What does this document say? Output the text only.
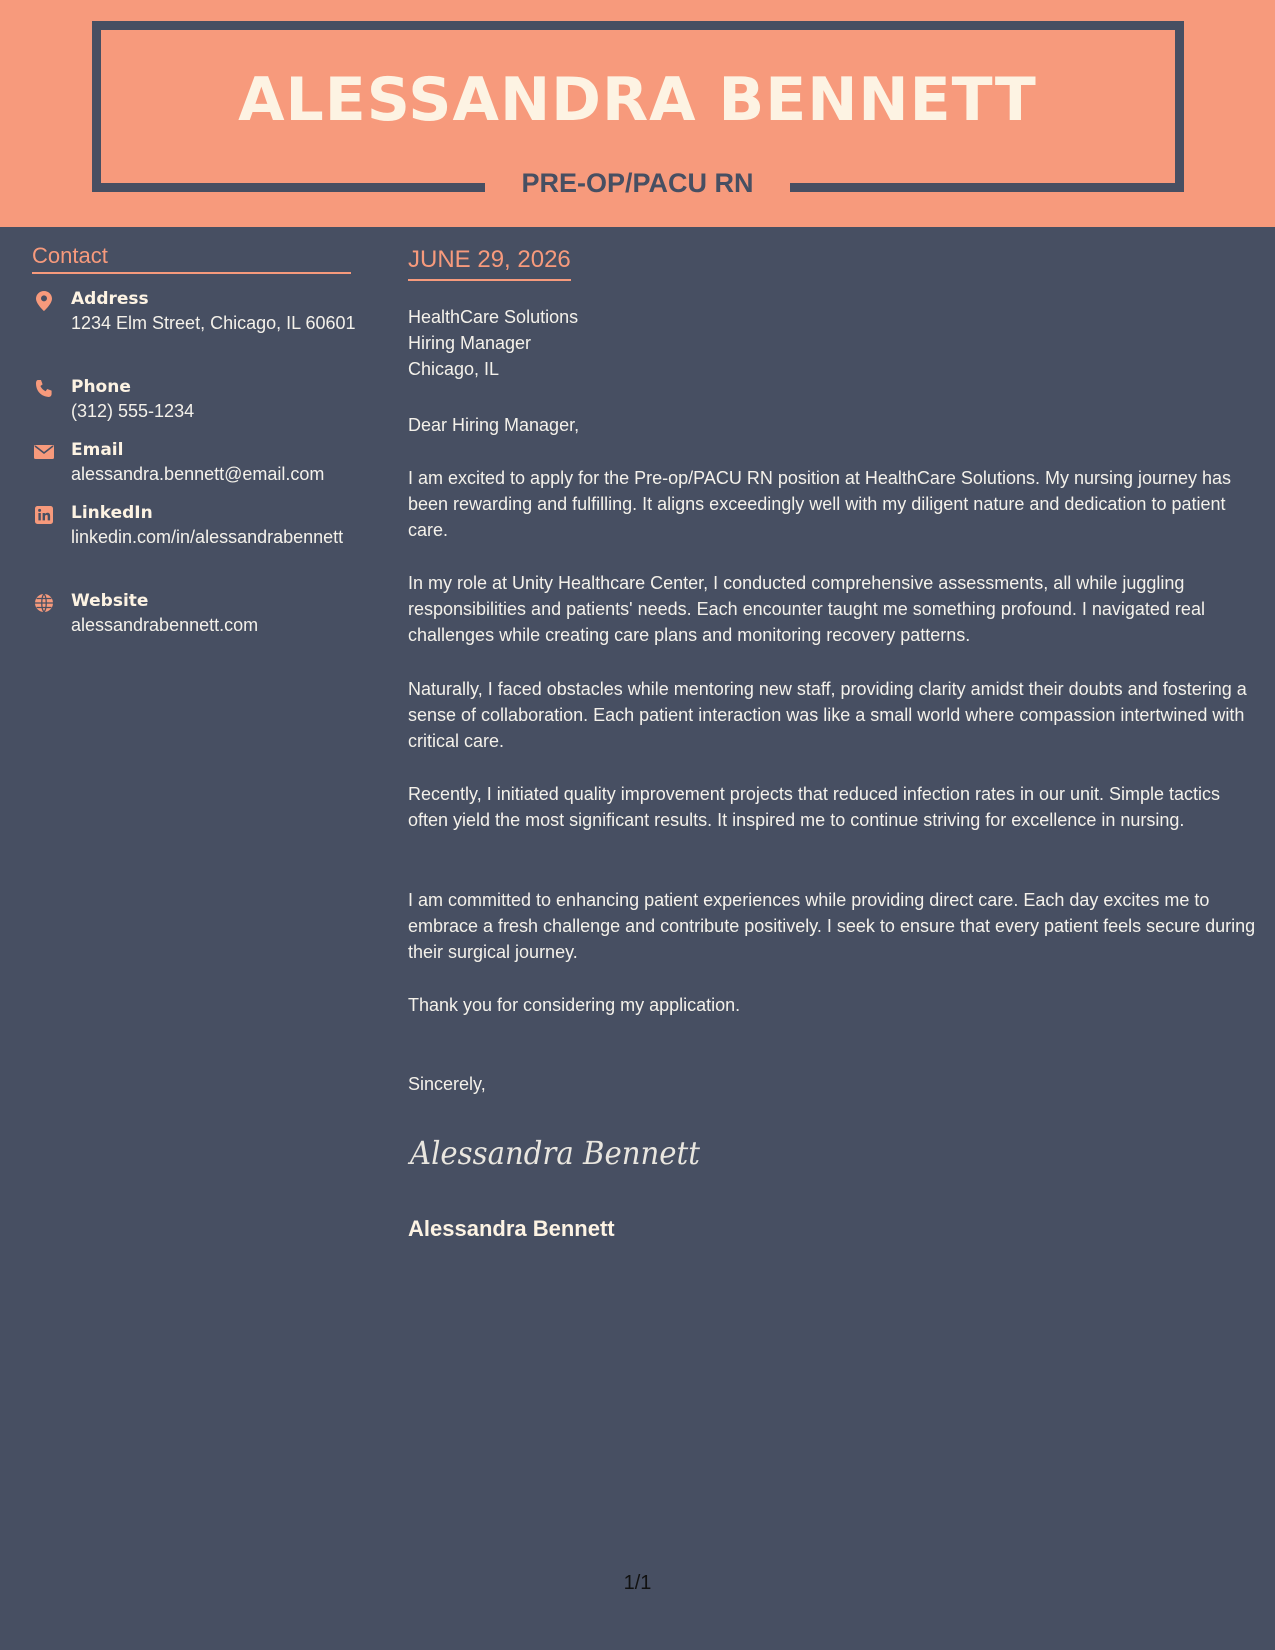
ALESSANDRA BENNETT
PRE-OP/PACU RN
Contact
Address
1234 Elm Street, Chicago, IL 60601
Phone
(312) 555-1234
Email
alessandra.bennett@email.com
LinkedIn
linkedin.com/in/alessandrabennett
Website
alessandrabennett.com
JUNE 29, 2026
HealthCare Solutions
Hiring Manager
Chicago, IL
Dear Hiring Manager,
I am excited to apply for the Pre-op/PACU RN position at HealthCare Solutions. My nursing journey has been rewarding and fulfilling. It aligns exceedingly well with my diligent nature and dedication to patient care.
In my role at Unity Healthcare Center, I conducted comprehensive assessments, all while juggling responsibilities and patients' needs. Each encounter taught me something profound. I navigated real challenges while creating care plans and monitoring recovery patterns.
Naturally, I faced obstacles while mentoring new staff, providing clarity amidst their doubts and fostering a sense of collaboration. Each patient interaction was like a small world where compassion intertwined with critical care.
Recently, I initiated quality improvement projects that reduced infection rates in our unit. Simple tactics often yield the most significant results. It inspired me to continue striving for excellence in nursing.
I am committed to enhancing patient experiences while providing direct care. Each day excites me to embrace a fresh challenge and contribute positively. I seek to ensure that every patient feels secure during their surgical journey.
Thank you for considering my application.
Sincerely,
Alessandra Bennett
Alessandra Bennett
1/1
